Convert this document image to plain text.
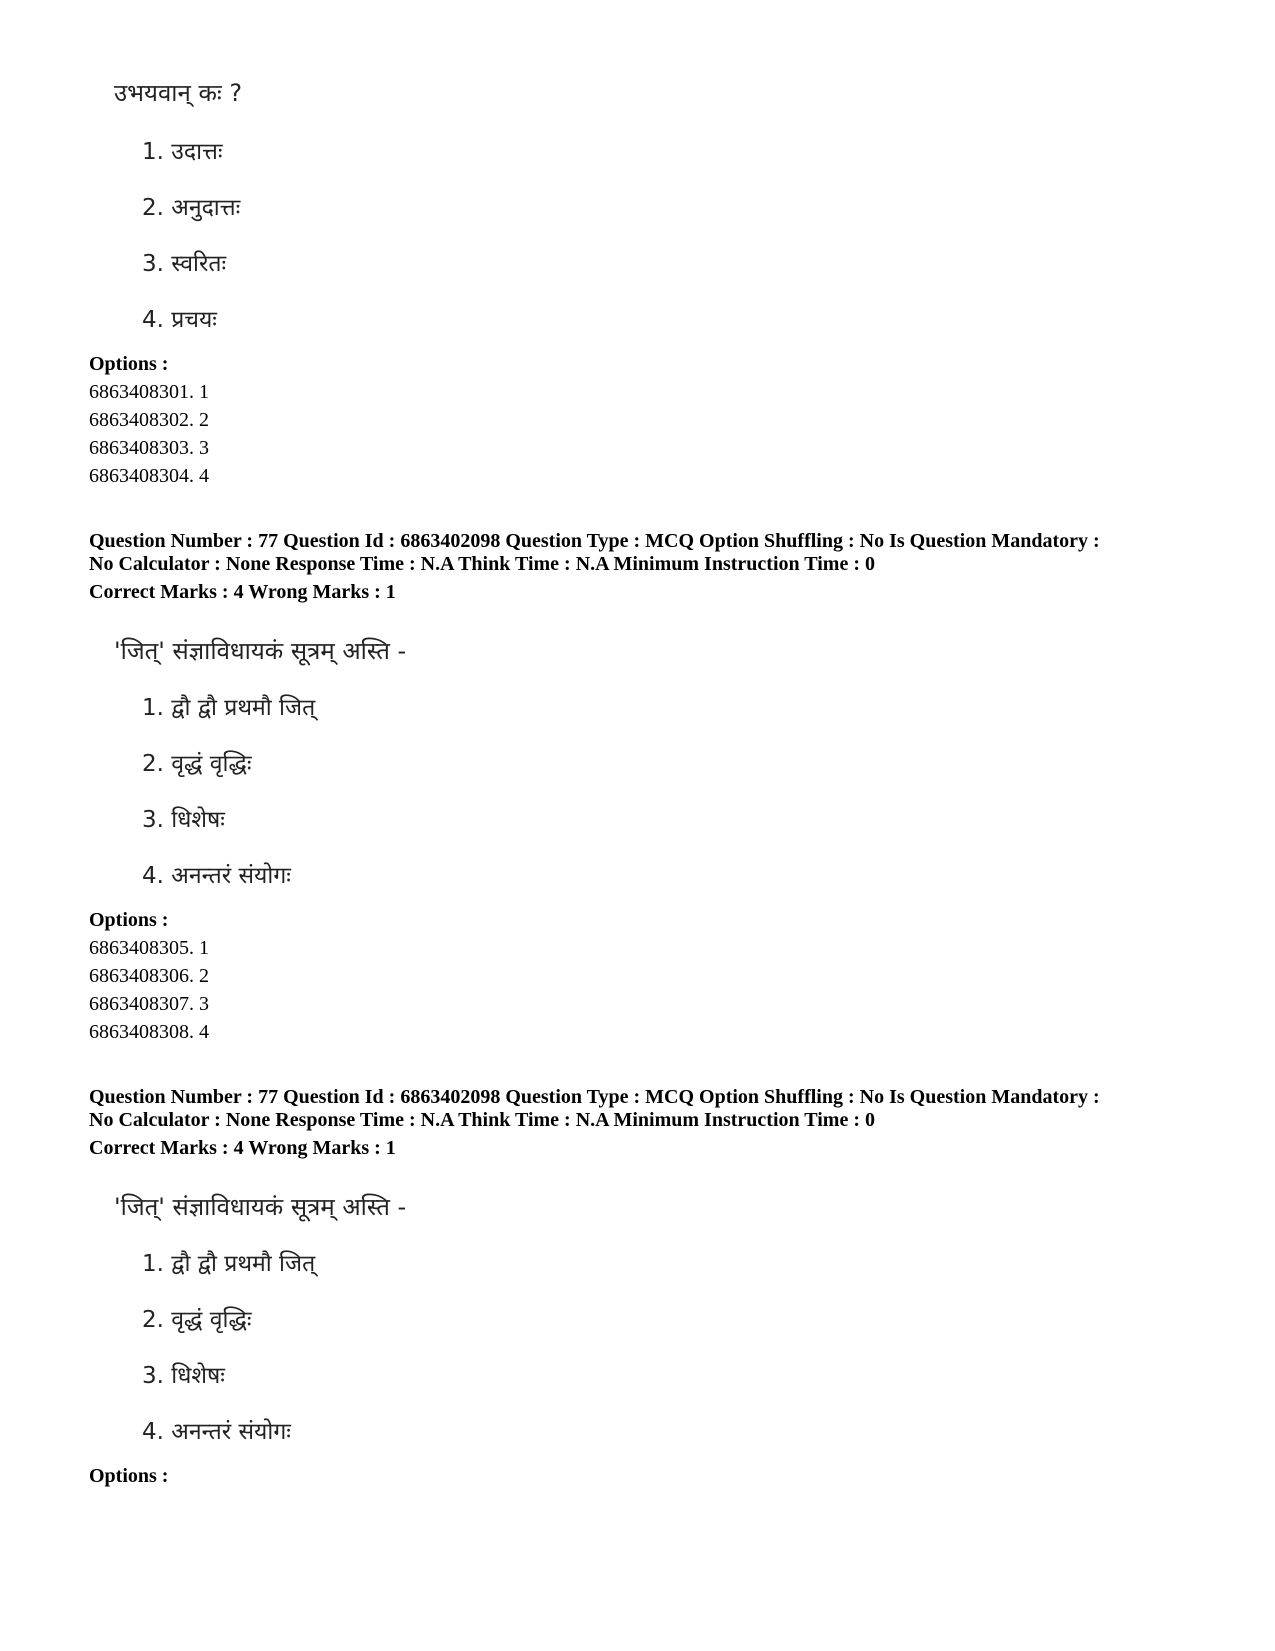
उभयवान् कः ?
1. उदात्तः
2. अनुदात्तः
3. स्वरितः
4. प्रचयः
Options :
6863408301. 1
6863408302. 2
6863408303. 3
6863408304. 4
Question Number : 77 Question Id : 6863402098 Question Type : MCQ Option Shuffling : No Is Question Mandatory :
No Calculator : None Response Time : N.A Think Time : N.A Minimum Instruction Time : 0
Correct Marks : 4 Wrong Marks : 1
'जित्' संज्ञाविधायकं सूत्रम् अस्ति -
1. द्वौ द्वौ प्रथमौ जित्
2. वृद्धं वृद्धिः
3. धिशेषः
4. अनन्तरं संयोगः
Options :
6863408305. 1
6863408306. 2
6863408307. 3
6863408308. 4
Question Number : 77 Question Id : 6863402098 Question Type : MCQ Option Shuffling : No Is Question Mandatory :
No Calculator : None Response Time : N.A Think Time : N.A Minimum Instruction Time : 0
Correct Marks : 4 Wrong Marks : 1
'जित्' संज्ञाविधायकं सूत्रम् अस्ति -
1. द्वौ द्वौ प्रथमौ जित्
2. वृद्धं वृद्धिः
3. धिशेषः
4. अनन्तरं संयोगः
Options :
